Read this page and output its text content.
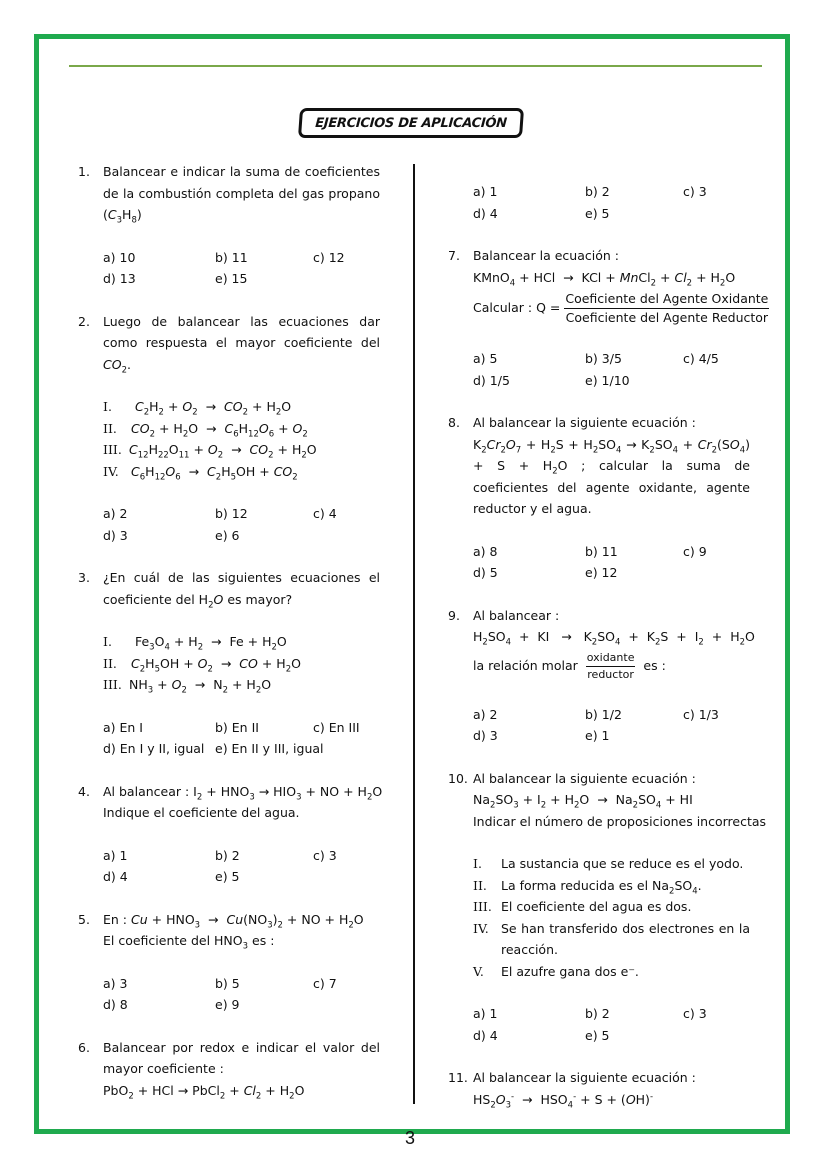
EJERCICIOS DE APLICACIÓN
1. Balancear e indicar la suma de coeficientes de la combustión completa del gas propano $(C_3H_8)$
a) 10	b) 11	c) 12
d) 13	e) 15
2. Luego de balancear las ecuaciones dar como respuesta el mayor coeficiente del $CO_2$.
I.	$C_2H_2 + O_2 \to CO_2 + H_2O$
II.	$CO_2 + H_2O \to C_6H_{12}O_6 + O_2$
III. $C_{12}H_{22}O_{11} + O_2 \to CO_2 + H_2O$
IV. $C_6H_{12}O_6 \to C_2H_5OH + CO_2$
a) 2	b) 12	c) 4
d) 3	e) 6
3. ¿En cuál de las siguientes ecuaciones el coeficiente del $H_2O$ es mayor?
I.	$Fe_3O_4 + H_2 \to Fe + H_2O$
II.	$C_2H_5OH + O_2$  →  CO + $H_2O$
III. $NH_3 + O_2 \to N_2 + H_2O$
a) En I	b) En II	c) En III
d) En I y II, igual e) En II y III, igual
4. Al balancear : $I_2 + HNO_3 \to HIO_3$ + NO + $H_2O$
Indique el coeficiente del agua.
a) 1	b) 2	c) 3
d) 4	e) 5
5. En : $Cu + HNO_3 \to Cu(NO_3)_2$ + NO + $H_2O$
El coeficiente del $HNO_3$ es :
a) 3	b) 5	c) 7
d) 8	e) 9
6. Balancear por redox e indicar el valor del mayor coeficiente :
PbO$_2$ + HCl → PbCl$_2$ + $Cl_2 + H_2O$
a) 1	b) 2	c) 3
d) 4	e) 5
7. Balancear la ecuación :
KMnO$_4$ + HCl  →  KCl + MnCl$_2$ + $Cl_2 + H_2O$
Calcular : $Q = \frac{\text{Coeficiente del Agente Oxidante}}{\text{Coeficiente del Agente Reductor}}$
a) 5	b) 3/5	c) 4/5
d) 1/5	e) 1/10
8. Al balancear la siguiente ecuación :
$K_2Cr_2O_7 + H_2S + H_2SO_4 \to K_2SO_4 + Cr_2(SO_4) + S + H_2O$ ; calcular la suma de coeficientes del agente oxidante, agente reductor y el agua.
a) 8	b) 11	c) 9
d) 5	e) 12
9. Al balancear :
$H_2SO_4$  +  KI   →   $K_2SO_4 + K_2S + I_2 + H_2O$
la relación molar $\frac{\text{oxidante}}{\text{reductor}}$ es :
a) 2	b) 1/2	c) 1/3
d) 3	e) 1
10. Al balancear la siguiente ecuación :
$Na_2SO_3 + I_2 + H_2O \to Na_2SO_4$ + HI
Indicar el número de proposiciones incorrectas
I.	La sustancia que se reduce es el yodo.
II.	La forma reducida es el $Na_2SO_4$.
III. El coeficiente del agua es dos.
IV. Se han transferido dos electrones en la reacción.
V.	El azufre gana dos e⁻.
a) 1	b) 2	c) 3
d) 4	e) 5
11. Al balancear la siguiente ecuación :
$HS_2O_3^- \to HSO_4^- + S + (OH)^-$
3
